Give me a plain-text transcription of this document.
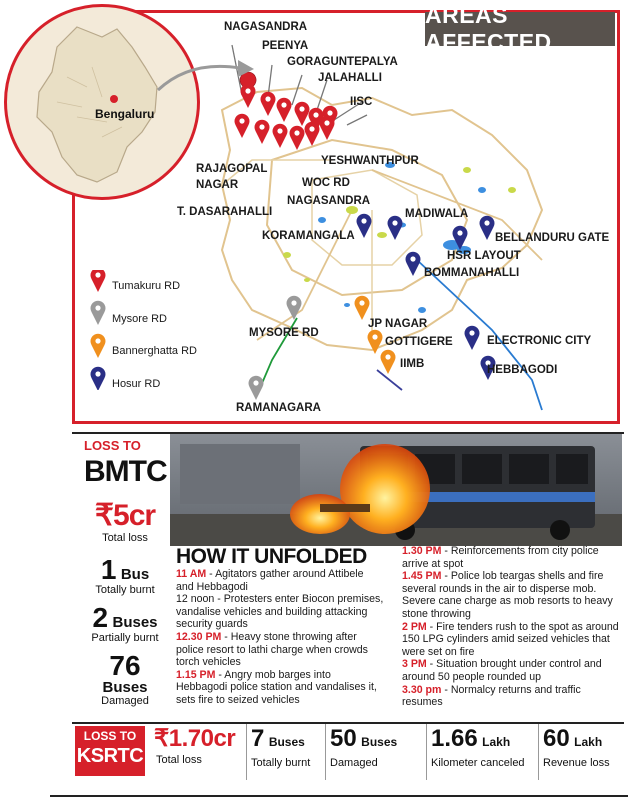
AREAS AFFECTED
Bengaluru
NAGASANDRA
PEENYA
GORAGUNTEPALYA
JALAHALLI
IISC
YESHWANTHPUR
RAJAGOPAL
NAGAR	WOC RD
NAGASANDRA
T. DASARAHALLI	MADIWALA
KORAMANGALA	BELLANDURU GATE
HSR LAYOUT
BOMMANAHALLI
JP NAGAR
MYSORE RD
GOTTIGERE	ELECTRONIC CITY
IIMB	HEBBAGODI
RAMANAGARA
Tumakuru RD
Mysore RD
Bannerghatta RD
Hosur RD
LOSS TO
BMTC
₹5cr
Total loss
1 Bus
Totally burnt
2 Buses
Partially burnt
76
Buses
Damaged
HOW IT UNFOLDED
11 AM - Agitators gather around Attibele and Hebbagodi
12 noon - Protesters enter Biocon premises, vandalise vehicles and building attacking security guards
12.30 PM - Heavy stone throwing after police resort to lathi charge when crowds torch vehicles
1.15 PM - Angry mob barges into Hebbagodi police station and vandalises it, sets fire to seized vehicles
1.30 PM - Reinforcements from city police arrive at spot
1.45 PM - Police lob teargas shells and fire several rounds in the air to disperse mob. Severe cane charge as mob resorts to heavy stone throwing
2 PM - Fire tenders rush to the spot as around 150 LPG cylinders amid seized vehicles that were set on fire
3 PM - Situation brought under control and around 50 people rounded up
3.30 pm - Normalcy returns and traffic resumes
₹1.70cr
Total loss
7 Buses
Totally burnt
50 Buses
Damaged
1.66 Lakh
Kilometer canceled
60 Lakh
Revenue loss
LOSS TO
KSRTC
